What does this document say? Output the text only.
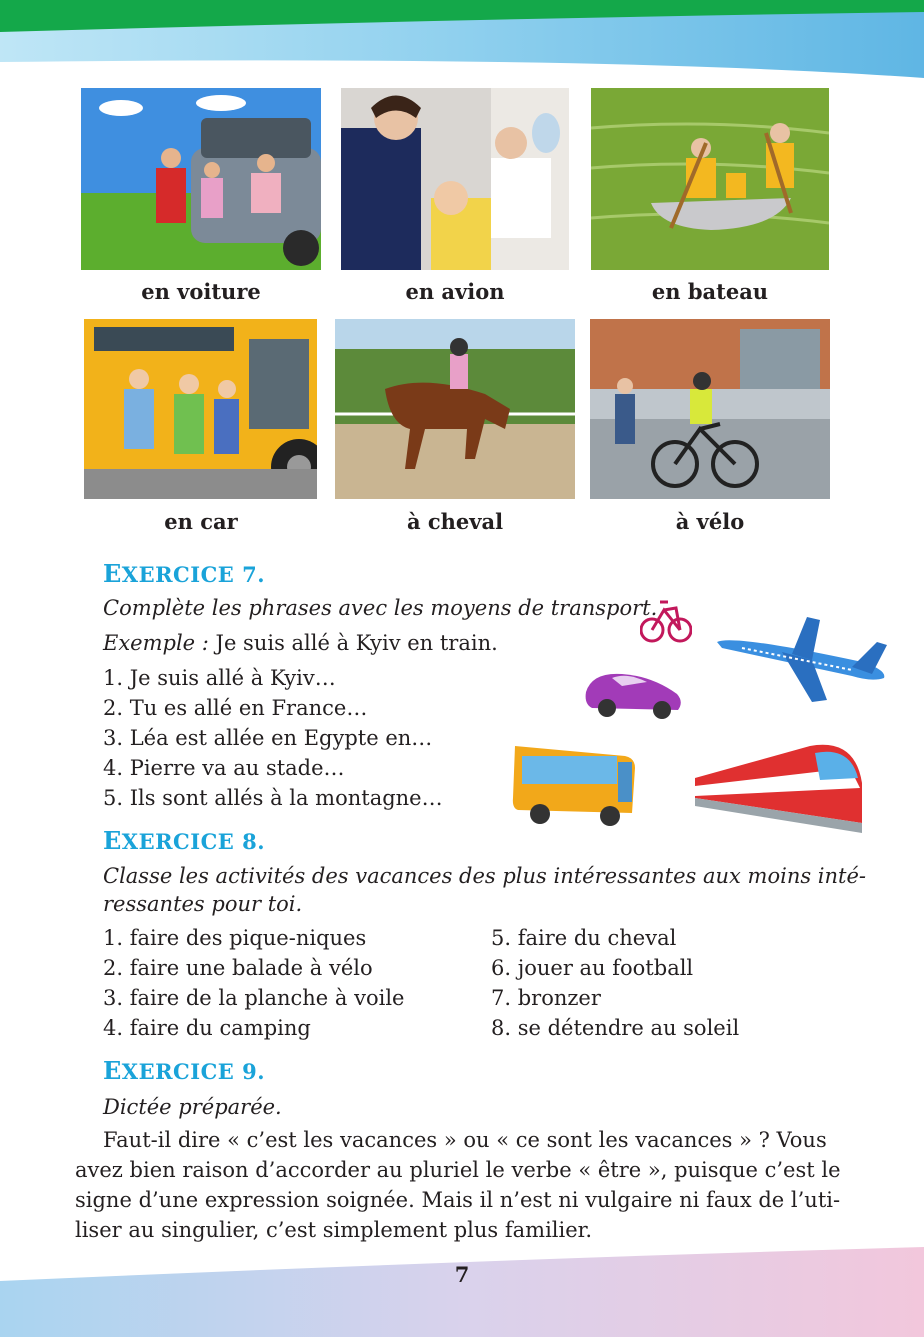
en voiture	en avion	en bateau
en car	à cheval	à vélo
EXERCICE 7.
Complète les phrases avec les moyens de transport.
Exemple : Je suis allé à Kyiv en train.
1. Je suis allé à Kyiv…
2. Tu es allé en France…
3. Léa est allée en Egypte en…
4. Pierre va au stade…
5. Ils sont allés à la montagne…
EXERCICE 8.
Classe les activités des vacances des plus intéressantes aux moins inté-
ressantes pour toi.
1. faire des pique-niques
2. faire une balade à vélo
3. faire de la planche à voile
4. faire du camping
5. faire du cheval
6. jouer au football
7. bronzer
8. se détendre au soleil
EXERCICE 9.
Dictée préparée.
Faut-il dire « c’est les vacances » ou « ce sont les vacances » ? Vous
avez bien raison d’accorder au pluriel le verbe « être », puisque c’est le
signe d’une expression soignée. Mais il n’est ni vulgaire ni faux de l’uti-
liser au singulier, c’est simplement plus familier.
7
